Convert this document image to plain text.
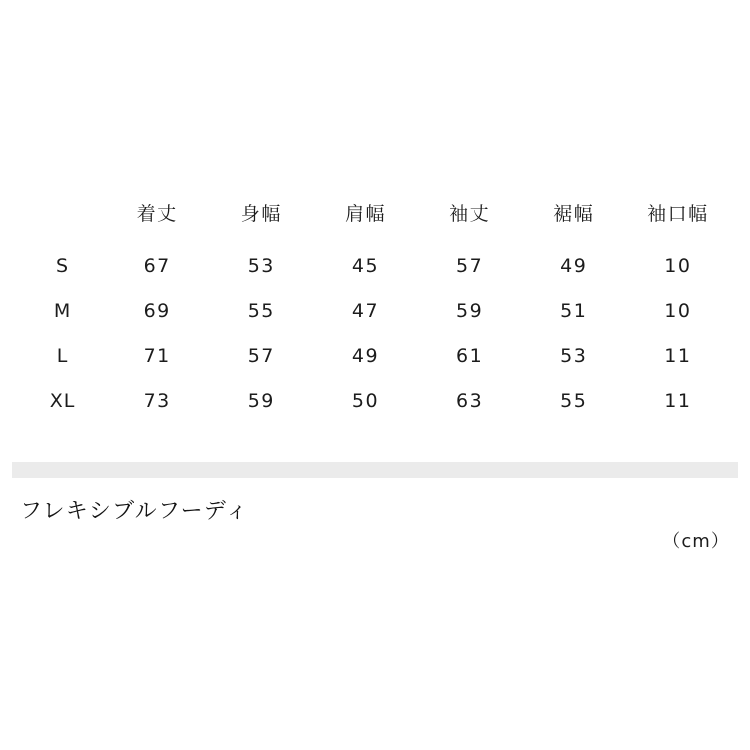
	着丈	身幅	肩幅	袖丈	裾幅	袖口幅
S	67	53	45	57	49	10
M	69	55	47	59	51	10
L	71	57	49	61	53	11
XL	73	59	50	63	55	11
フレキシブルフーディ
（cm）
